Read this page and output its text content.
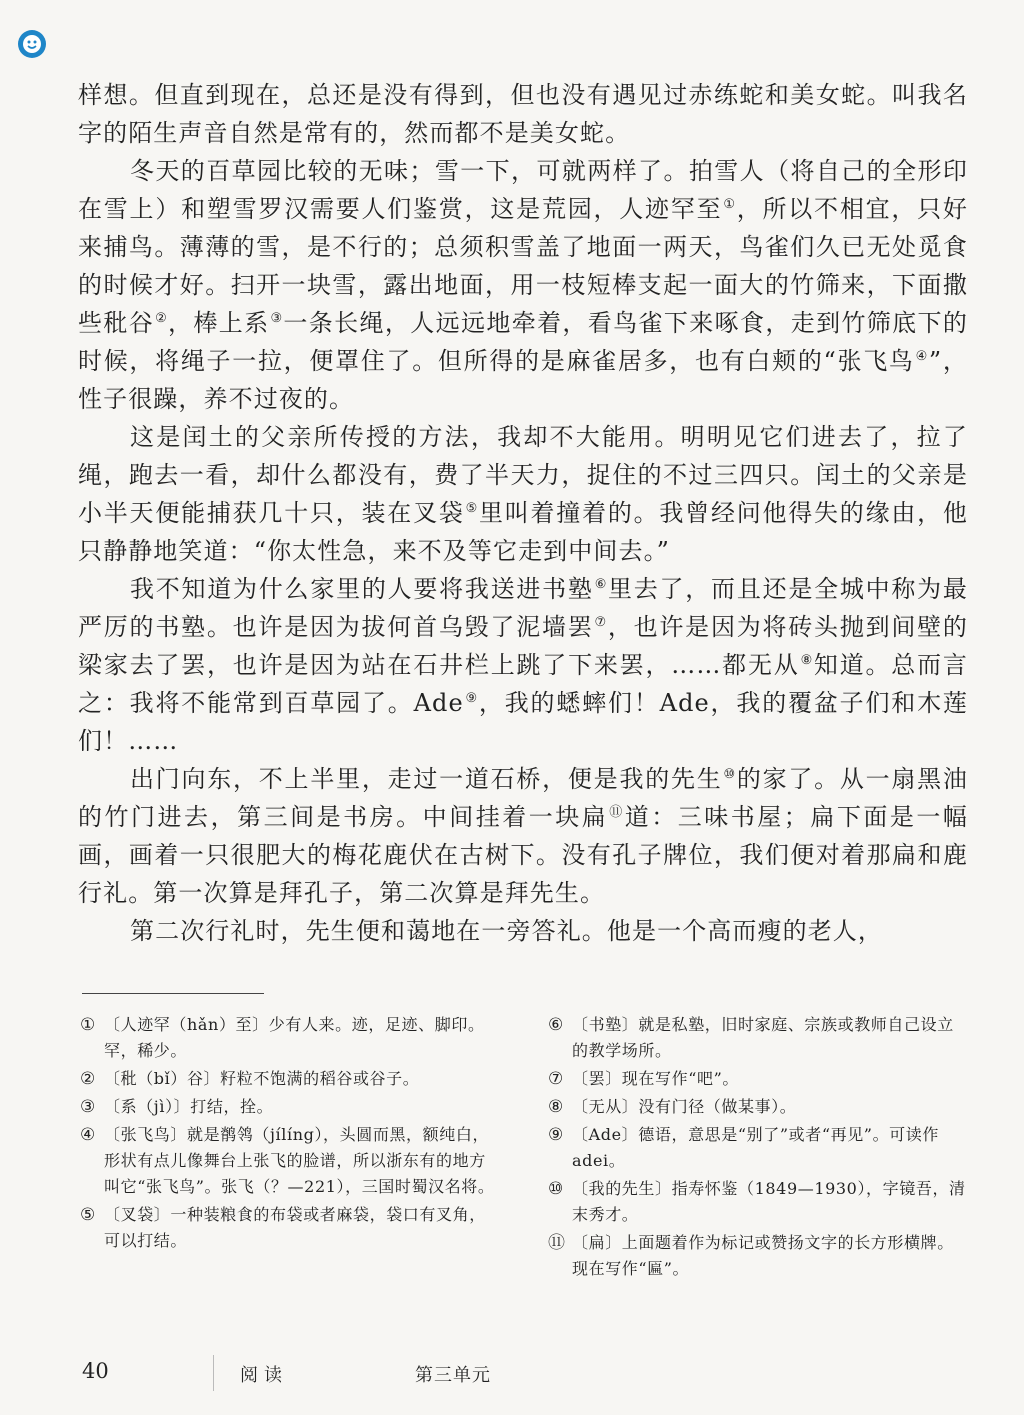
样想。但直到现在，总还是没有得到，但也没有遇见过赤练蛇和美女蛇。叫我名字的陌生声音自然是常有的，然而都不是美女蛇。

冬天的百草园比较的无味；雪一下，可就两样了。拍雪人（将自己的全形印在雪上）和塑雪罗汉需要人们鉴赏，这是荒园，人迹罕至①，所以不相宜，只好来捕鸟。薄薄的雪，是不行的；总须积雪盖了地面一两天，鸟雀们久已无处觅食的时候才好。扫开一块雪，露出地面，用一枝短棒支起一面大的竹筛来，下面撒些秕谷②，棒上系③一条长绳，人远远地牵着，看鸟雀下来啄食，走到竹筛底下的时候，将绳子一拉，便罩住了。但所得的是麻雀居多，也有白颊的“张飞鸟④”，性子很躁，养不过夜的。

这是闰土的父亲所传授的方法，我却不大能用。明明见它们进去了，拉了绳，跑去一看，却什么都没有，费了半天力，捉住的不过三四只。闰土的父亲是小半天便能捕获几十只，装在叉袋⑤里叫着撞着的。我曾经问他得失的缘由，他只静静地笑道：“你太性急，来不及等它走到中间去。”

我不知道为什么家里的人要将我送进书塾⑥里去了，而且还是全城中称为最严厉的书塾。也许是因为拔何首乌毁了泥墙罢⑦，也许是因为将砖头抛到间壁的梁家去了罢，也许是因为站在石井栏上跳了下来罢，……都无从⑧知道。总而言之：我将不能常到百草园了。Ade⑨，我的蟋蟀们！Ade，我的覆盆子们和木莲们！……

出门向东，不上半里，走过一道石桥，便是我的先生⑩的家了。从一扇黑油的竹门进去，第三间是书房。中间挂着一块扁⑪道：三味书屋；扁下面是一幅画，画着一只很肥大的梅花鹿伏在古树下。没有孔子牌位，我们便对着那扁和鹿行礼。第一次算是拜孔子，第二次算是拜先生。

第二次行礼时，先生便和蔼地在一旁答礼。他是一个高而瘦的老人，

① 〔人迹罕（hǎn）至〕少有人来。迹，足迹、脚印。罕，稀少。
② 〔秕（bǐ）谷〕籽粒不饱满的稻谷或谷子。
③ 〔系（jì）〕打结，拴。
④ 〔张飞鸟〕就是鹡鸰（jílíng），头圆而黑，额纯白，形状有点儿像舞台上张飞的脸谱，所以浙东有的地方叫它“张飞鸟”。张飞（？—221），三国时蜀汉名将。
⑤ 〔叉袋〕一种装粮食的布袋或者麻袋，袋口有叉角，可以打结。
⑥ 〔书塾〕就是私塾，旧时家庭、宗族或教师自己设立的教学场所。
⑦ 〔罢〕现在写作“吧”。
⑧ 〔无从〕没有门径（做某事）。
⑨ 〔Ade〕德语，意思是“别了”或者“再见”。可读作adei。
⑩ 〔我的先生〕指寿怀鉴（1849—1930），字镜吾，清末秀才。
⑪ 〔扁〕上面题着作为标记或赞扬文字的长方形横牌。现在写作“匾”。
40	阅读	第三单元
